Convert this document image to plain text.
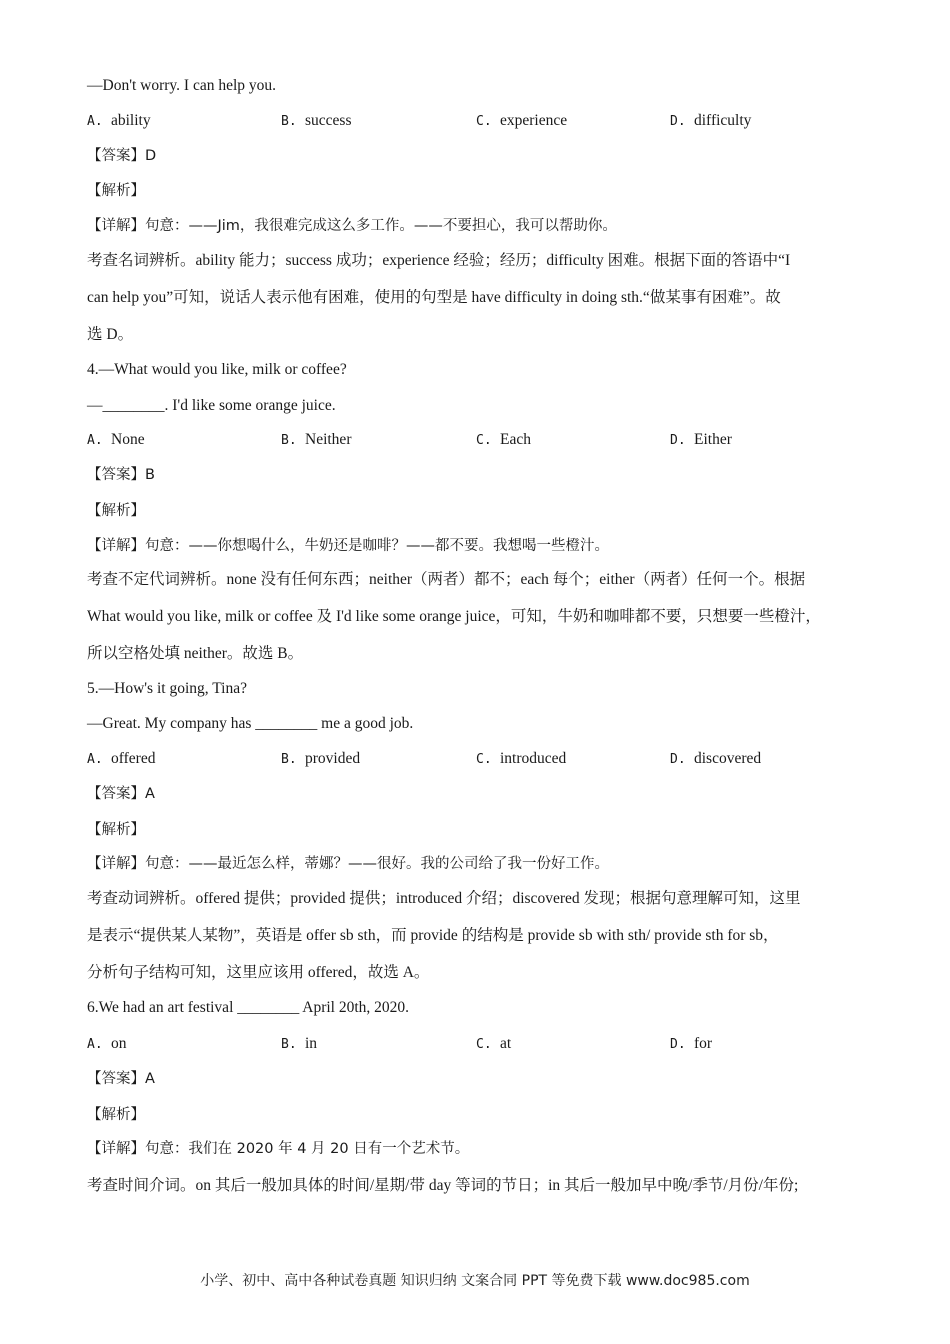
—Don't worry. I can help you.
A. ability	B. success	C. experience	D. difficulty
【答案】D
【解析】
【详解】句意：——Jim，我很难完成这么多工作。——不要担心，我可以帮助你。
考查名词辨析。ability 能力；success 成功；experience 经验；经历；difficulty 困难。根据下面的答语中“I
can help you”可知，说话人表示他有困难，使用的句型是 have difficulty in doing sth.“做某事有困难”。故
选 D。
4.—What would you like, milk or coffee?
—________. I'd like some orange juice.
A. None	B. Neither	C. Each	D. Either
【答案】B
【解析】
【详解】句意：——你想喝什么，牛奶还是咖啡？——都不要。我想喝一些橙汁。
考查不定代词辨析。none 没有任何东西；neither（两者）都不；each 每个；either（两者）任何一个。根据
What would you like, milk or coffee 及 I'd like some orange juice，可知，牛奶和咖啡都不要，只想要一些橙汁，
所以空格处填 neither。故选 B。
5.—How's it going, Tina?
—Great. My company has ________ me a good job.
A. offered	B. provided	C. introduced	D. discovered
【答案】A
【解析】
【详解】句意：——最近怎么样，蒂娜？——很好。我的公司给了我一份好工作。
考查动词辨析。offered 提供；provided 提供；introduced 介绍；discovered 发现；根据句意理解可知，这里
是表示“提供某人某物”，英语是 offer sb sth，而 provide 的结构是 provide sb with sth/ provide sth for sb，
分析句子结构可知，这里应该用 offered，故选 A。
6.We had an art festival ________ April 20th, 2020.
A. on	B. in	C. at	D. for
【答案】A
【解析】
【详解】句意：我们在 2020 年 4 月 20 日有一个艺术节。
考查时间介词。on 其后一般加具体的时间/星期/带 day 等词的节日；in 其后一般加早中晚/季节/月份/年份;
小学、初中、高中各种试卷真题 知识归纳 文案合同 PPT 等免费下载 www.doc985.com
